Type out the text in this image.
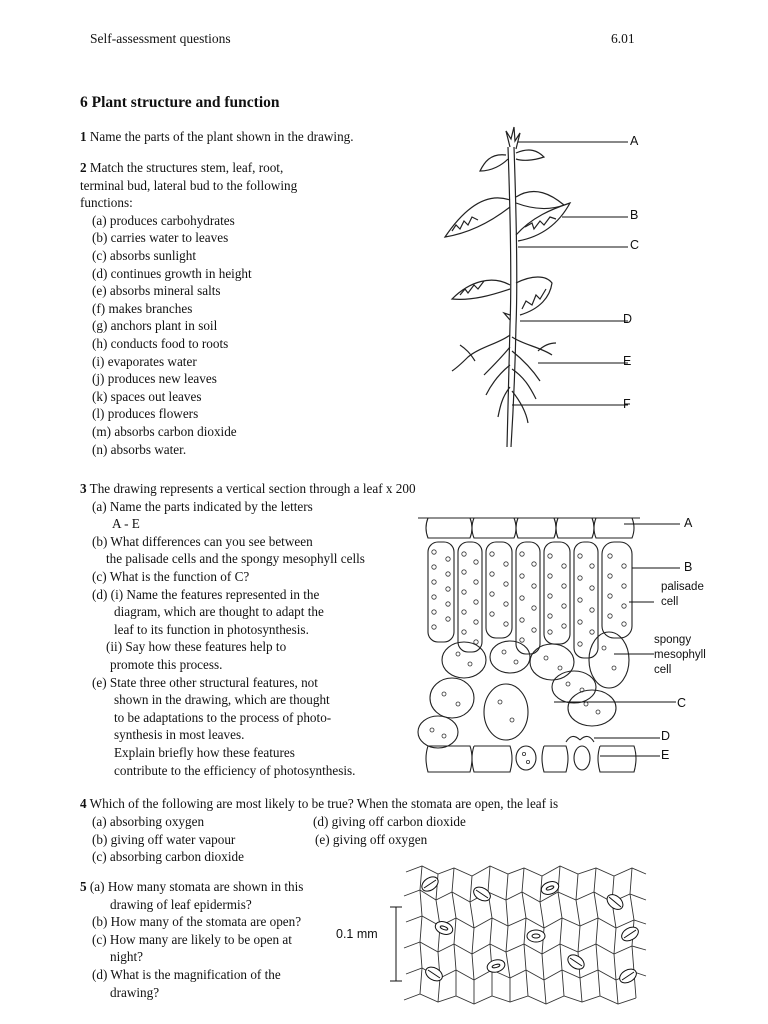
Self-assessment questions	6.01
6 Plant structure and function
1 Name the parts of the plant shown in the drawing.
2 Match the structures stem, leaf, root,
terminal bud, lateral bud to the following
functions:
(a) produces carbohydrates
(b) carries water to leaves
(c) absorbs sunlight
(d) continues growth in height
(e) absorbs mineral salts
(f) makes branches
(g) anchors plant in soil
(h) conducts food to roots
(i) evaporates water
(j) produces new leaves
(k) spaces out leaves
(l) produces flowers
(m) absorbs carbon dioxide
(n) absorbs water.
A
B
C
D
E
F
3 The drawing represents a vertical section through a leaf x 200
(a) Name the parts indicated by the letters
A - E
(b) What differences can you see between
the palisade cells and the spongy mesophyll cells
(c) What is the function of C?
(d) (i) Name the features represented in the
diagram, which are thought to adapt the
leaf to its function in photosynthesis.
(ii) Say how these features help to
promote this process.
(e) State three other structural features, not
shown in the drawing, which are thought
to be adaptations to the process of photo-
synthesis in most leaves.
Explain briefly how these features
contribute to the efficiency of photosynthesis.
A
B
C
D
E
palisade
cell
spongy
mesophyll
cell
4 Which of the following are most likely to be true? When the stomata are open, the leaf is
(a) absorbing oxygen
(b) giving off water vapour
(c) absorbing carbon dioxide
(d) giving off carbon dioxide
(e) giving off oxygen
5 (a) How many stomata are shown in this
drawing of leaf epidermis?
(b) How many of the stomata are open?
(c) How many are likely to be open at
night?
(d) What is the magnification of the
drawing?
0.1 mm
